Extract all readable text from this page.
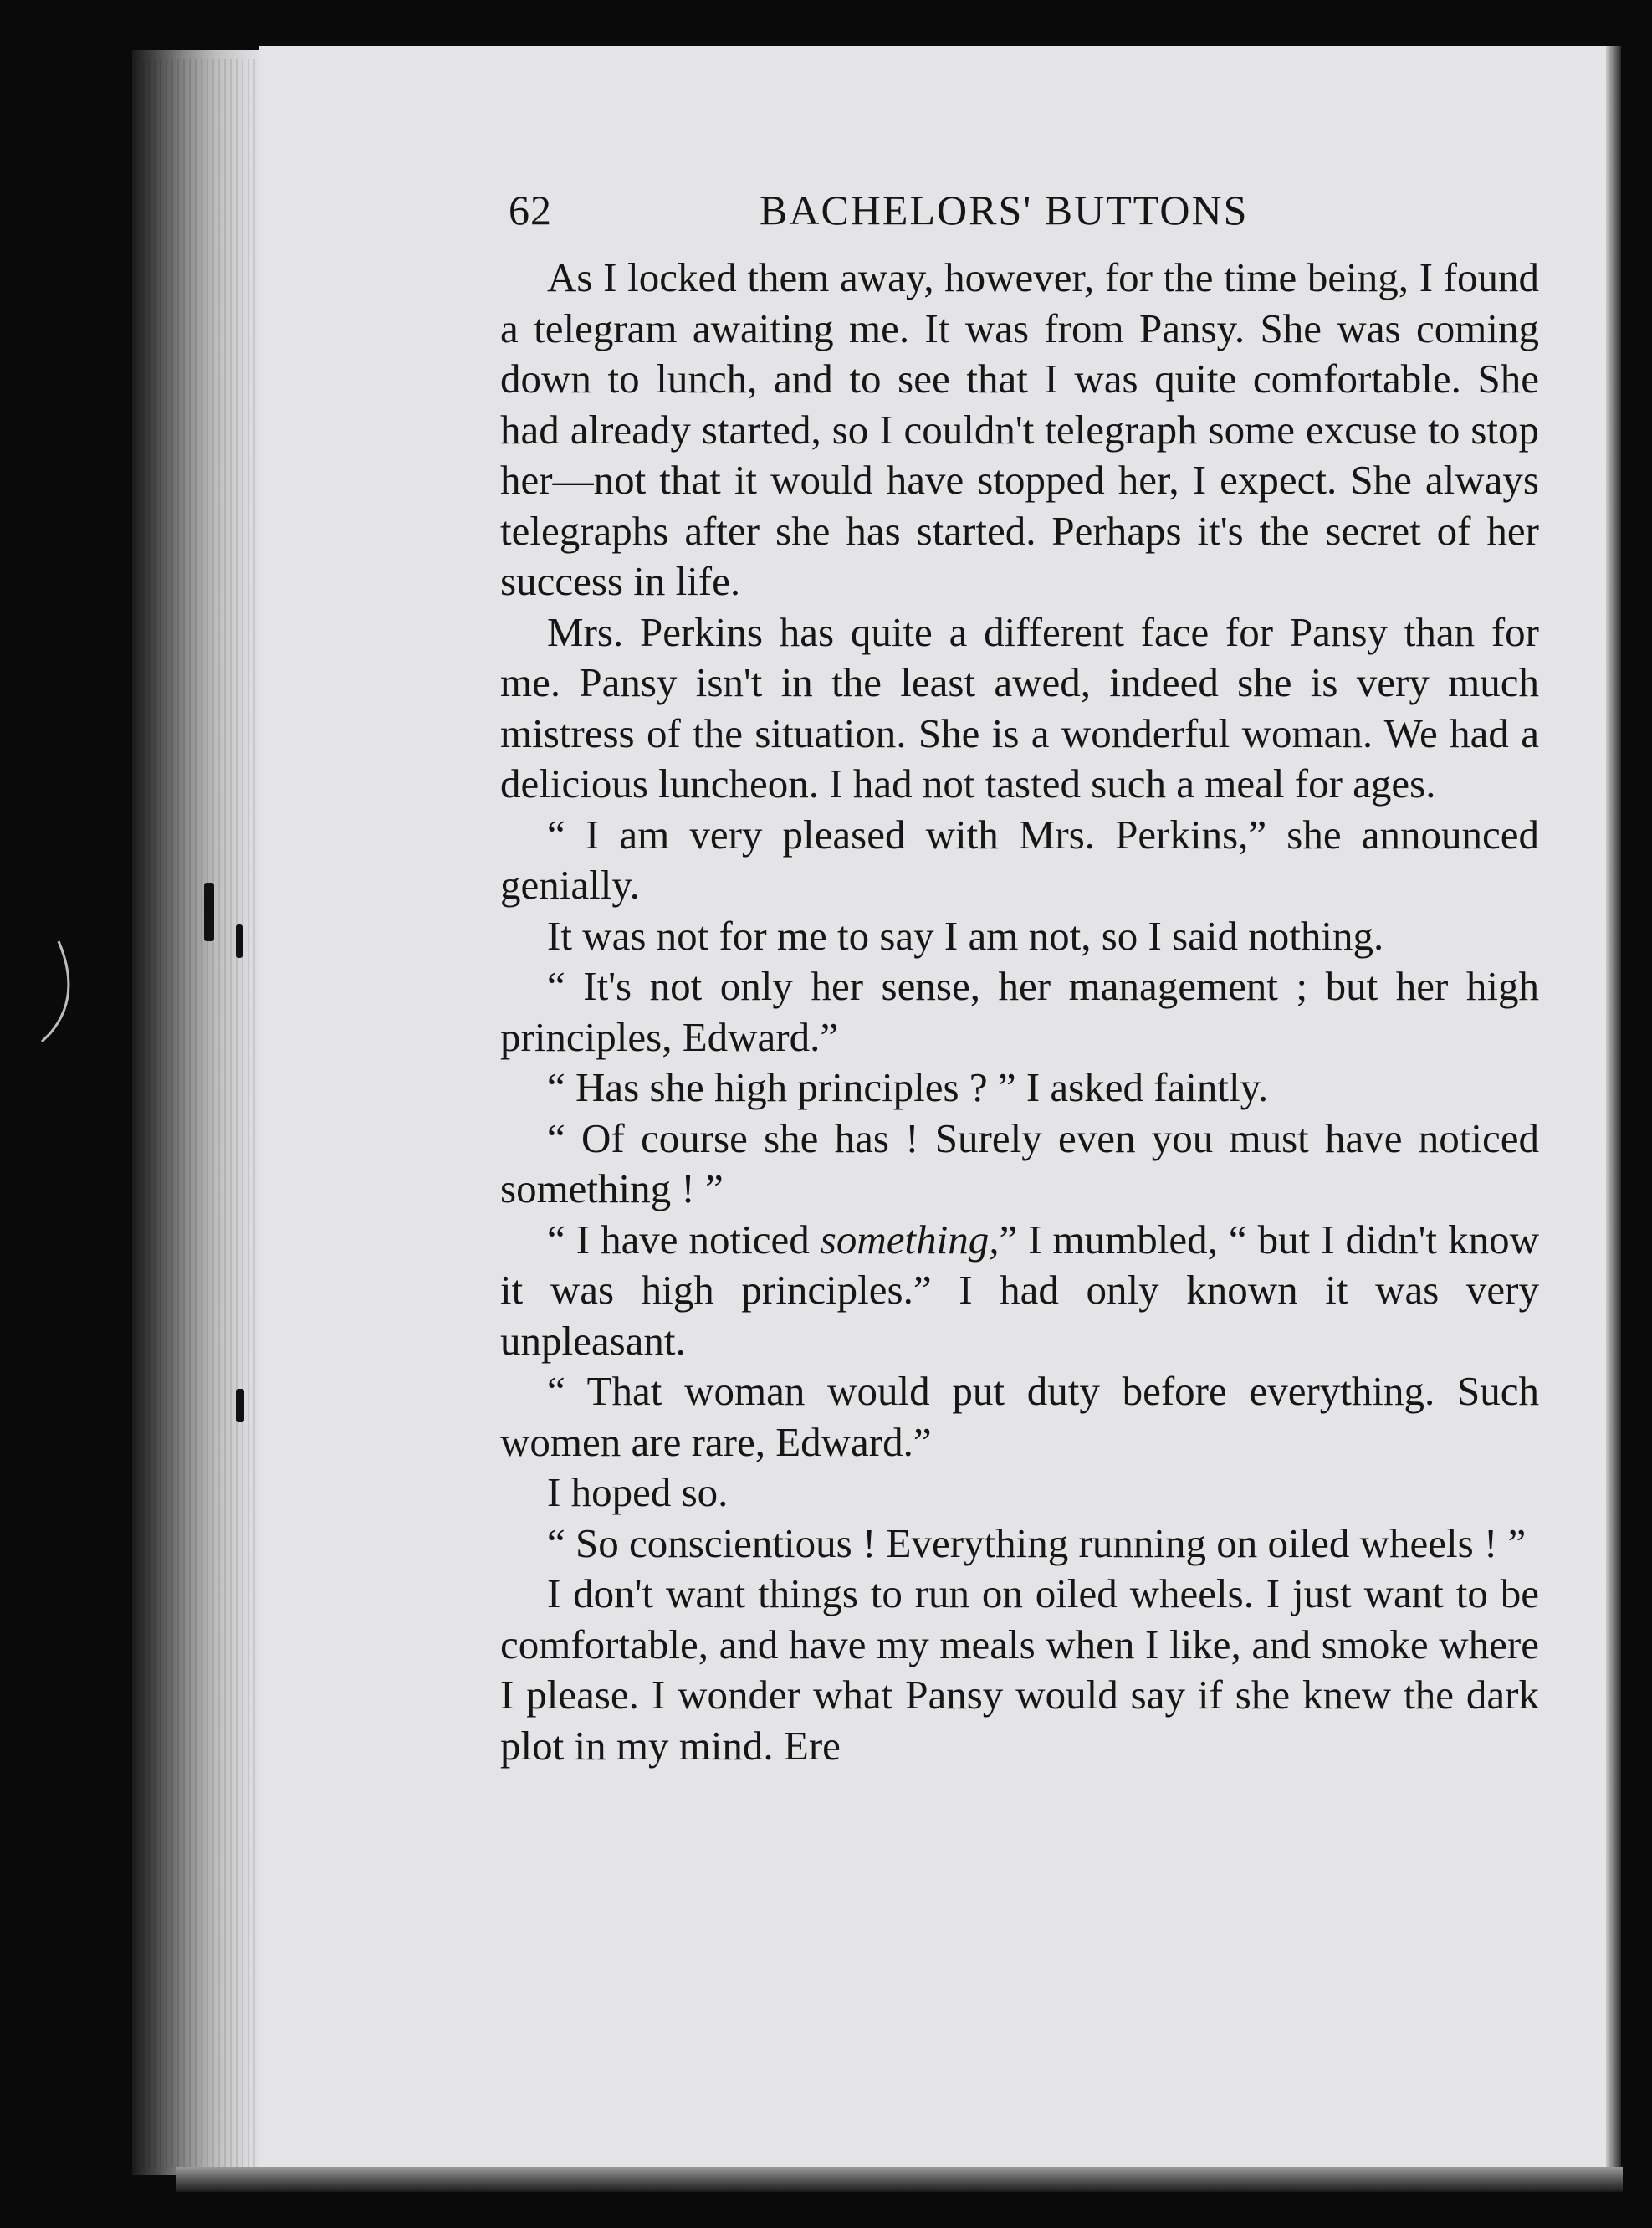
62	BACHELORS' BUTTONS

As I locked them away, however, for the time being, I found a telegram awaiting me. It was from Pansy. She was coming down to lunch, and to see that I was quite comfortable. She had already started, so I couldn't telegraph some excuse to stop her—not that it would have stopped her, I expect. She always telegraphs after she has started. Perhaps it's the secret of her success in life.

Mrs. Perkins has quite a different face for Pansy than for me. Pansy isn't in the least awed, indeed she is very much mistress of the situation. She is a wonderful woman. We had a delicious luncheon. I had not tasted such a meal for ages.

“ I am very pleased with Mrs. Perkins,” she announced genially.

It was not for me to say I am not, so I said nothing.

“ It's not only her sense, her management ; but her high principles, Edward.”

“ Has she high principles ? ” I asked faintly.

“ Of course she has ! Surely even you must have noticed something ! ”

“ I have noticed something,” I mumbled, “ but I didn't know it was high principles.” I had only known it was very unpleasant.

“ That woman would put duty before everything. Such women are rare, Edward.”

I hoped so.

“ So conscientious ! Everything running on oiled wheels ! ”

I don't want things to run on oiled wheels. I just want to be comfortable, and have my meals when I like, and smoke where I please. I wonder what Pansy would say if she knew the dark plot in my mind. Ere
